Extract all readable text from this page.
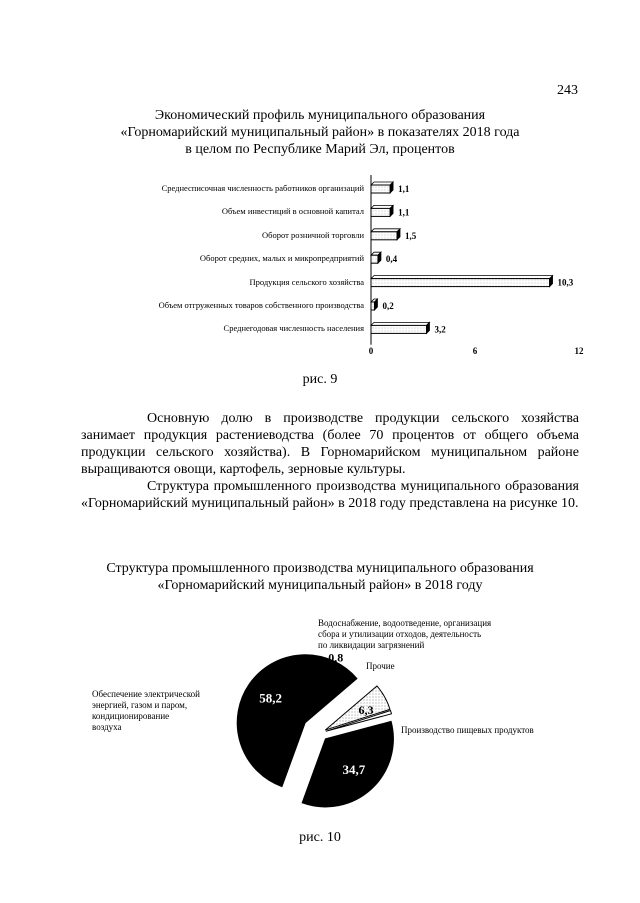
243
Экономический профиль муниципального образования
«Горномарийский муниципальный район» в показателях 2018 года
в целом по Республике Марий Эл, процентов
Среднесписочная численность работников организаций
Объем инвестиций в основной капитал
Оборот розничной торговли
Оборот средних, малых и микропредприятий
Продукция сельского хозяйства
Объем отгруженных товаров собственного производства
Среднегодовая численность населения
1,1
1,1
1,5
0,4
10,3
0,2
3,2
0	6	12
рис. 9

Основную долю в производстве продукции сельского хозяйства занимает продукция растениеводства (более 70 процентов от общего объема продукции сельского хозяйства). В Горномарийском муниципальном районе выращиваются овощи, картофель, зерновые культуры.

Структура промышленного производства муниципального образования «Горномарийский муниципальный район» в 2018 году представлена на рисунке 10.

Структура промышленного производства муниципального образования
«Горномарийский муниципальный район» в 2018 году
58,2
6,3
0,8
34,7
Обеспечение электрической
энергией, газом и паром,
кондиционирование
воздуха
Водоснабжение, водоотведение, организация
сбора и утилизации отходов, деятельность
по ликвидации загрязнений
Прочие
Производство пищевых продуктов
рис. 10
